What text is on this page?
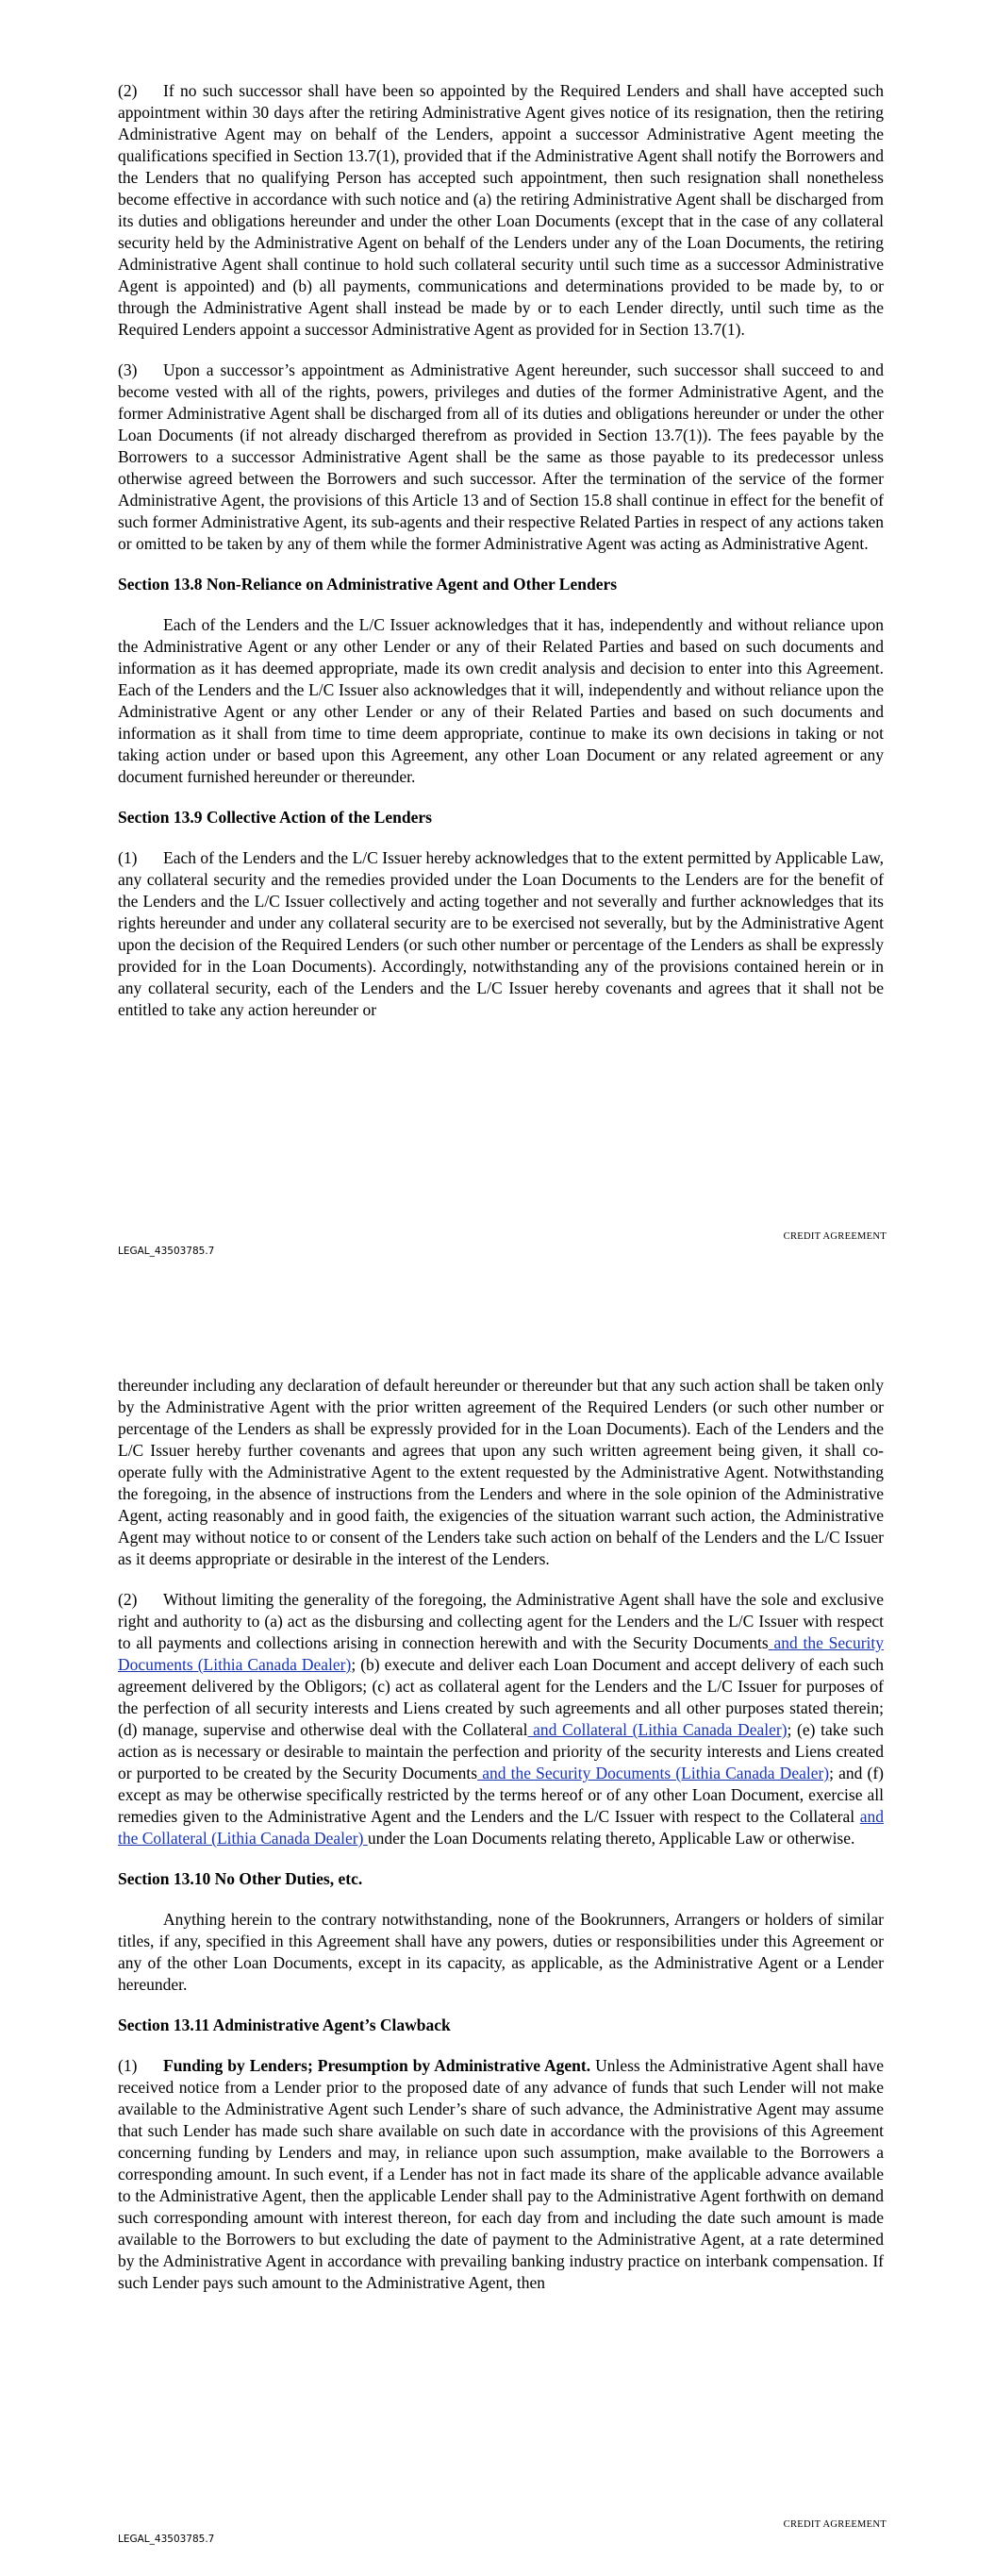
(2) If no such successor shall have been so appointed by the Required Lenders and shall have accepted such appointment within 30 days after the retiring Administrative Agent gives notice of its resignation, then the retiring Administrative Agent may on behalf of the Lenders, appoint a successor Administrative Agent meeting the qualifications specified in Section 13.7(1), provided that if the Administrative Agent shall notify the Borrowers and the Lenders that no qualifying Person has accepted such appointment, then such resignation shall nonetheless become effective in accordance with such notice and (a) the retiring Administrative Agent shall be discharged from its duties and obligations hereunder and under the other Loan Documents (except that in the case of any collateral security held by the Administrative Agent on behalf of the Lenders under any of the Loan Documents, the retiring Administrative Agent shall continue to hold such collateral security until such time as a successor Administrative Agent is appointed) and (b) all payments, communications and determinations provided to be made by, to or through the Administrative Agent shall instead be made by or to each Lender directly, until such time as the Required Lenders appoint a successor Administrative Agent as provided for in Section 13.7(1).

(3) Upon a successor’s appointment as Administrative Agent hereunder, such successor shall succeed to and become vested with all of the rights, powers, privileges and duties of the former Administrative Agent, and the former Administrative Agent shall be discharged from all of its duties and obligations hereunder or under the other Loan Documents (if not already discharged therefrom as provided in Section 13.7(1)). The fees payable by the Borrowers to a successor Administrative Agent shall be the same as those payable to its predecessor unless otherwise agreed between the Borrowers and such successor. After the termination of the service of the former Administrative Agent, the provisions of this Article 13 and of Section 15.8 shall continue in effect for the benefit of such former Administrative Agent, its sub-agents and their respective Related Parties in respect of any actions taken or omitted to be taken by any of them while the former Administrative Agent was acting as Administrative Agent.

Section 13.8 Non-Reliance on Administrative Agent and Other Lenders

Each of the Lenders and the L/C Issuer acknowledges that it has, independently and without reliance upon the Administrative Agent or any other Lender or any of their Related Parties and based on such documents and information as it has deemed appropriate, made its own credit analysis and decision to enter into this Agreement. Each of the Lenders and the L/C Issuer also acknowledges that it will, independently and without reliance upon the Administrative Agent or any other Lender or any of their Related Parties and based on such documents and information as it shall from time to time deem appropriate, continue to make its own decisions in taking or not taking action under or based upon this Agreement, any other Loan Document or any related agreement or any document furnished hereunder or thereunder.

Section 13.9 Collective Action of the Lenders

(1) Each of the Lenders and the L/C Issuer hereby acknowledges that to the extent permitted by Applicable Law, any collateral security and the remedies provided under the Loan Documents to the Lenders are for the benefit of the Lenders and the L/C Issuer collectively and acting together and not severally and further acknowledges that its rights hereunder and under any collateral security are to be exercised not severally, but by the Administrative Agent upon the decision of the Required Lenders (or such other number or percentage of the Lenders as shall be expressly provided for in the Loan Documents). Accordingly, notwithstanding any of the provisions contained herein or in any collateral security, each of the Lenders and the L/C Issuer hereby covenants and agrees that it shall not be entitled to take any action hereunder or

CREDIT AGREEMENT
LEGAL_43503785.7

thereunder including any declaration of default hereunder or thereunder but that any such action shall be taken only by the Administrative Agent with the prior written agreement of the Required Lenders (or such other number or percentage of the Lenders as shall be expressly provided for in the Loan Documents). Each of the Lenders and the L/C Issuer hereby further covenants and agrees that upon any such written agreement being given, it shall co-operate fully with the Administrative Agent to the extent requested by the Administrative Agent. Notwithstanding the foregoing, in the absence of instructions from the Lenders and where in the sole opinion of the Administrative Agent, acting reasonably and in good faith, the exigencies of the situation warrant such action, the Administrative Agent may without notice to or consent of the Lenders take such action on behalf of the Lenders and the L/C Issuer as it deems appropriate or desirable in the interest of the Lenders.

(2) Without limiting the generality of the foregoing, the Administrative Agent shall have the sole and exclusive right and authority to (a) act as the disbursing and collecting agent for the Lenders and the L/C Issuer with respect to all payments and collections arising in connection herewith and with the Security Documents and the Security Documents (Lithia Canada Dealer); (b) execute and deliver each Loan Document and accept delivery of each such agreement delivered by the Obligors; (c) act as collateral agent for the Lenders and the L/C Issuer for purposes of the perfection of all security interests and Liens created by such agreements and all other purposes stated therein; (d) manage, supervise and otherwise deal with the Collateral and Collateral (Lithia Canada Dealer); (e) take such action as is necessary or desirable to maintain the perfection and priority of the security interests and Liens created or purported to be created by the Security Documents and the Security Documents (Lithia Canada Dealer); and (f) except as may be otherwise specifically restricted by the terms hereof or of any other Loan Document, exercise all remedies given to the Administrative Agent and the Lenders and the L/C Issuer with respect to the Collateral and the Collateral (Lithia Canada Dealer) under the Loan Documents relating thereto, Applicable Law or otherwise.

Section 13.10 No Other Duties, etc.

Anything herein to the contrary notwithstanding, none of the Bookrunners, Arrangers or holders of similar titles, if any, specified in this Agreement shall have any powers, duties or responsibilities under this Agreement or any of the other Loan Documents, except in its capacity, as applicable, as the Administrative Agent or a Lender hereunder.

Section 13.11 Administrative Agent’s Clawback

(1) Funding by Lenders; Presumption by Administrative Agent. Unless the Administrative Agent shall have received notice from a Lender prior to the proposed date of any advance of funds that such Lender will not make available to the Administrative Agent such Lender’s share of such advance, the Administrative Agent may assume that such Lender has made such share available on such date in accordance with the provisions of this Agreement concerning funding by Lenders and may, in reliance upon such assumption, make available to the Borrowers a corresponding amount. In such event, if a Lender has not in fact made its share of the applicable advance available to the Administrative Agent, then the applicable Lender shall pay to the Administrative Agent forthwith on demand such corresponding amount with interest thereon, for each day from and including the date such amount is made available to the Borrowers to but excluding the date of payment to the Administrative Agent, at a rate determined by the Administrative Agent in accordance with prevailing banking industry practice on interbank compensation. If such Lender pays such amount to the Administrative Agent, then

CREDIT AGREEMENT
LEGAL_43503785.7
